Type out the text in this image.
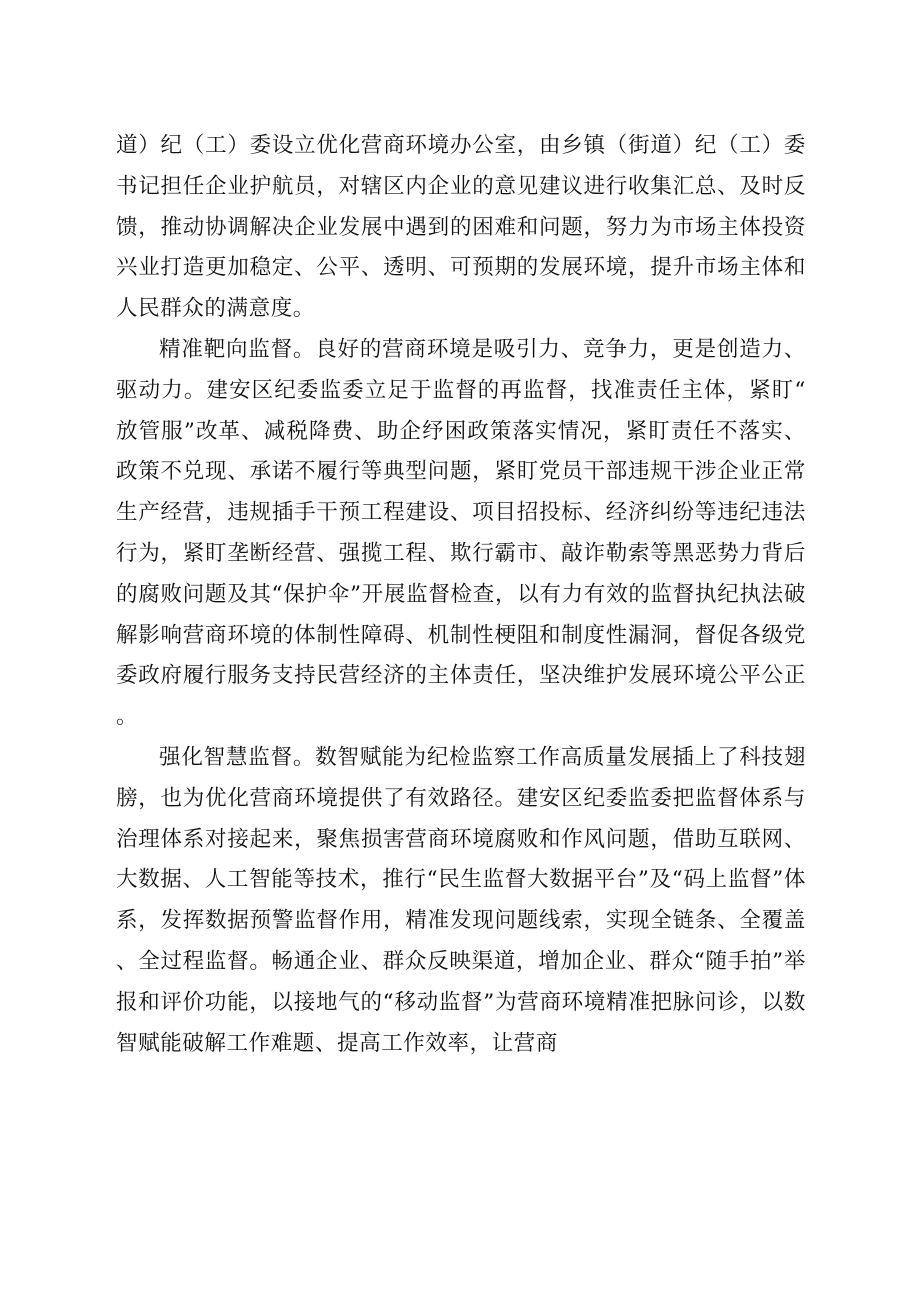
道）纪（工）委设立优化营商环境办公室，由乡镇（街道）纪（工）委书记担任企业护航员，对辖区内企业的意见建议进行收集汇总、及时反馈，推动协调解决企业发展中遇到的困难和问题，努力为市场主体投资兴业打造更加稳定、公平、透明、可预期的发展环境，提升市场主体和人民群众的满意度。

精准靶向监督。良好的营商环境是吸引力、竞争力，更是创造力、驱动力。建安区纪委监委立足于监督的再监督，找准责任主体，紧盯“放管服”改革、减税降费、助企纾困政策落实情况，紧盯责任不落实、政策不兑现、承诺不履行等典型问题，紧盯党员干部违规干涉企业正常生产经营，违规插手干预工程建设、项目招投标、经济纠纷等违纪违法行为，紧盯垄断经营、强揽工程、欺行霸市、敲诈勒索等黑恶势力背后的腐败问题及其“保护伞”开展监督检查，以有力有效的监督执纪执法破解影响营商环境的体制性障碍、机制性梗阻和制度性漏洞，督促各级党委政府履行服务支持民营经济的主体责任，坚决维护发展环境公平公正。

强化智慧监督。数智赋能为纪检监察工作高质量发展插上了科技翅膀，也为优化营商环境提供了有效路径。建安区纪委监委把监督体系与治理体系对接起来，聚焦损害营商环境腐败和作风问题，借助互联网、大数据、人工智能等技术，推行“民生监督大数据平台”及“码上监督”体系，发挥数据预警监督作用，精准发现问题线索，实现全链条、全覆盖、全过程监督。畅通企业、群众反映渠道，增加企业、群众“随手拍”举报和评价功能，以接地气的“移动监督”为营商环境精准把脉问诊，以数智赋能破解工作难题、提高工作效率，让营商
